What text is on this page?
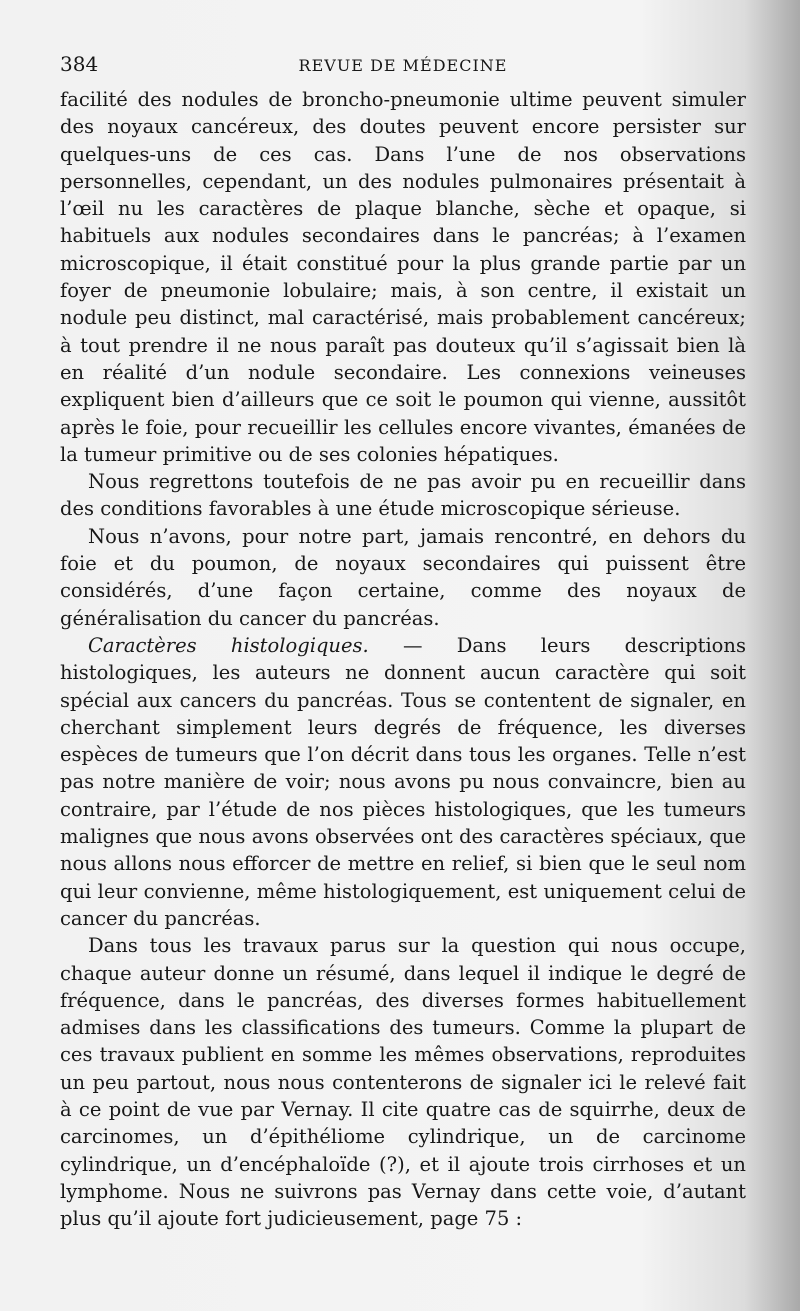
384	REVUE DE MÉDECINE

facilité des nodules de broncho-pneumonie ultime peuvent simuler des noyaux cancéreux, des doutes peuvent encore persister sur quelques-uns de ces cas. Dans l’une de nos observations personnelles, cependant, un des nodules pulmonaires présentait à l’œil nu les caractères de plaque blanche, sèche et opaque, si habituels aux nodules secondaires dans le pancréas; à l’examen microscopique, il était constitué pour la plus grande partie par un foyer de pneumonie lobulaire; mais, à son centre, il existait un nodule peu distinct, mal caractérisé, mais probablement cancéreux; à tout prendre il ne nous paraît pas douteux qu’il s’agissait bien là en réalité d’un nodule secondaire. Les connexions veineuses expliquent bien d’ailleurs que ce soit le poumon qui vienne, aussitôt après le foie, pour recueillir les cellules encore vivantes, émanées de la tumeur primitive ou de ses colonies hépatiques.

Nous regrettons toutefois de ne pas avoir pu en recueillir dans des conditions favorables à une étude microscopique sérieuse.

Nous n’avons, pour notre part, jamais rencontré, en dehors du foie et du poumon, de noyaux secondaires qui puissent être considérés, d’une façon certaine, comme des noyaux de généralisation du cancer du pancréas.

Caractères histologiques. — Dans leurs descriptions histologiques, les auteurs ne donnent aucun caractère qui soit spécial aux cancers du pancréas. Tous se contentent de signaler, en cherchant simplement leurs degrés de fréquence, les diverses espèces de tumeurs que l’on décrit dans tous les organes. Telle n’est pas notre manière de voir; nous avons pu nous convaincre, bien au contraire, par l’étude de nos pièces histologiques, que les tumeurs malignes que nous avons observées ont des caractères spéciaux, que nous allons nous efforcer de mettre en relief, si bien que le seul nom qui leur convienne, même histologiquement, est uniquement celui de cancer du pancréas.

Dans tous les travaux parus sur la question qui nous occupe, chaque auteur donne un résumé, dans lequel il indique le degré de fréquence, dans le pancréas, des diverses formes habituellement admises dans les classifications des tumeurs. Comme la plupart de ces travaux publient en somme les mêmes observations, reproduites un peu partout, nous nous contenterons de signaler ici le relevé fait à ce point de vue par Vernay. Il cite quatre cas de squirrhe, deux de carcinomes, un d’épithéliome cylindrique, un de carcinome cylindrique, un d’encéphaloïde (?), et il ajoute trois cirrhoses et un lymphome. Nous ne suivrons pas Vernay dans cette voie, d’autant plus qu’il ajoute fort judicieusement, page 75 :
